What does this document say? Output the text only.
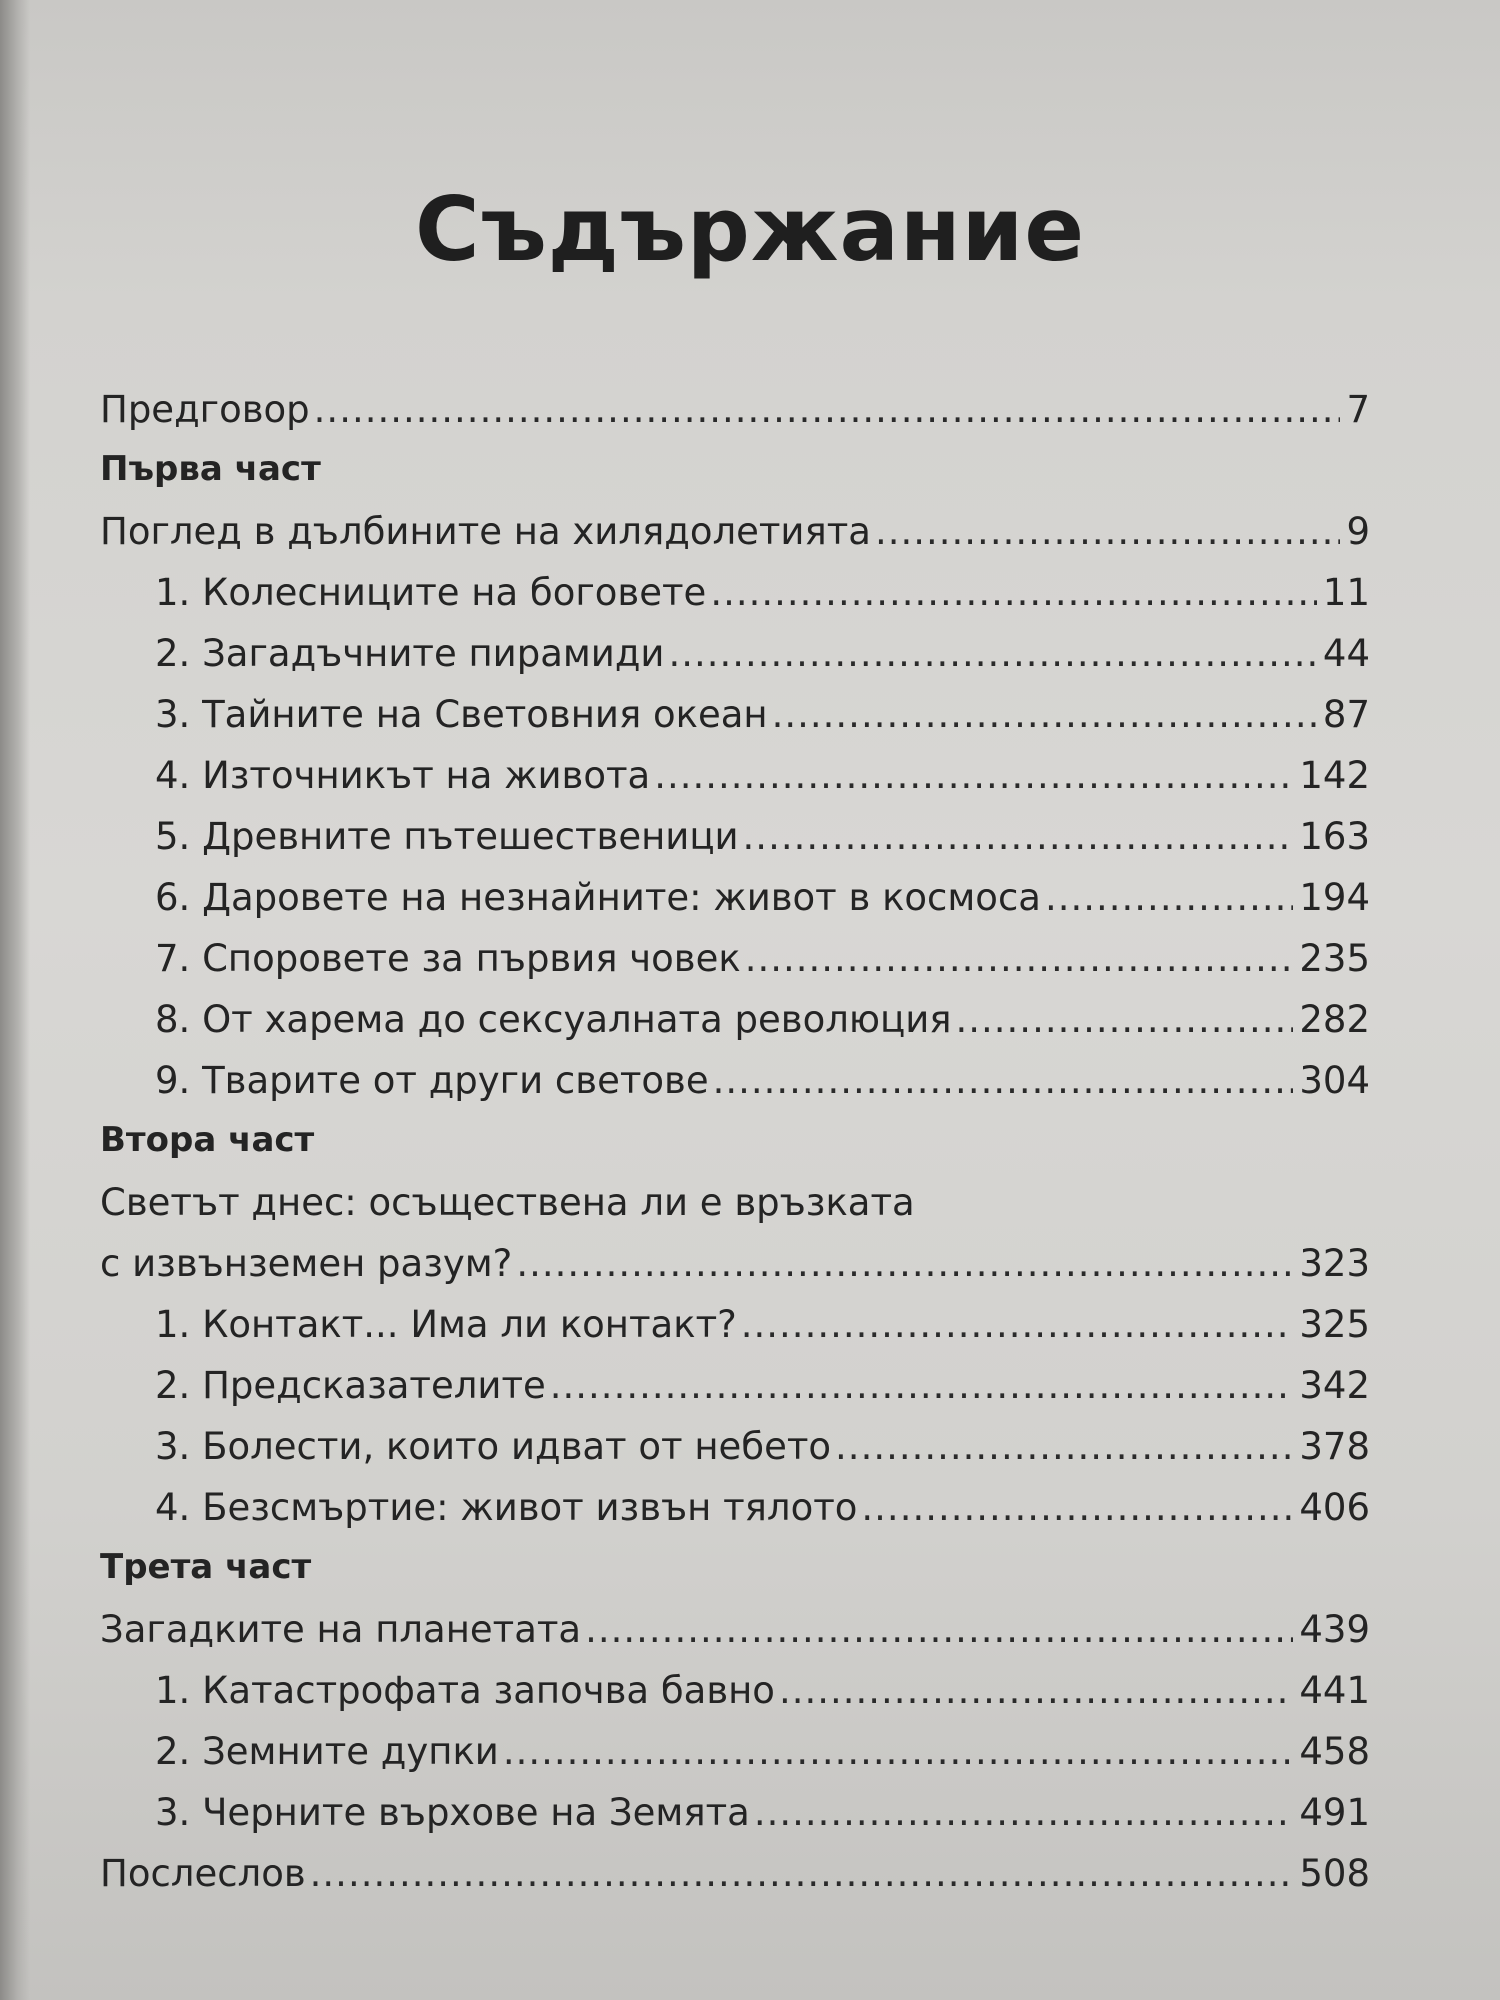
Съдържание
Предговор .....	7
Първа част
Поглед в дълбините на хилядолетията .....	9
1. Колесниците на боговете .....	11
2. Загадъчните пирамиди .....	44
3. Тайните на Световния океан .....	87
4. Източникът на живота .....	142
5. Древните пътешественици .....	163
6. Даровете на незнайните: живот в космоса .....	194
7. Споровете за първия човек .....	235
8. От харема до сексуалната революция .....	282
9. Тварите от други светове .....	304
Втора част
Светът днес: осъществена ли е връзката
с извънземен разум? .....	323
1. Контакт... Има ли контакт? .....	325
2. Предсказателите .....	342
3. Болести, които идват от небето .....	378
4. Безсмъртие: живот извън тялото .....	406
Трета част
Загадките на планетата .....	439
1. Катастрофата започва бавно .....	441
2. Земните дупки .....	458
3. Черните върхове на Земята .....	491
Послеслов .....	508
